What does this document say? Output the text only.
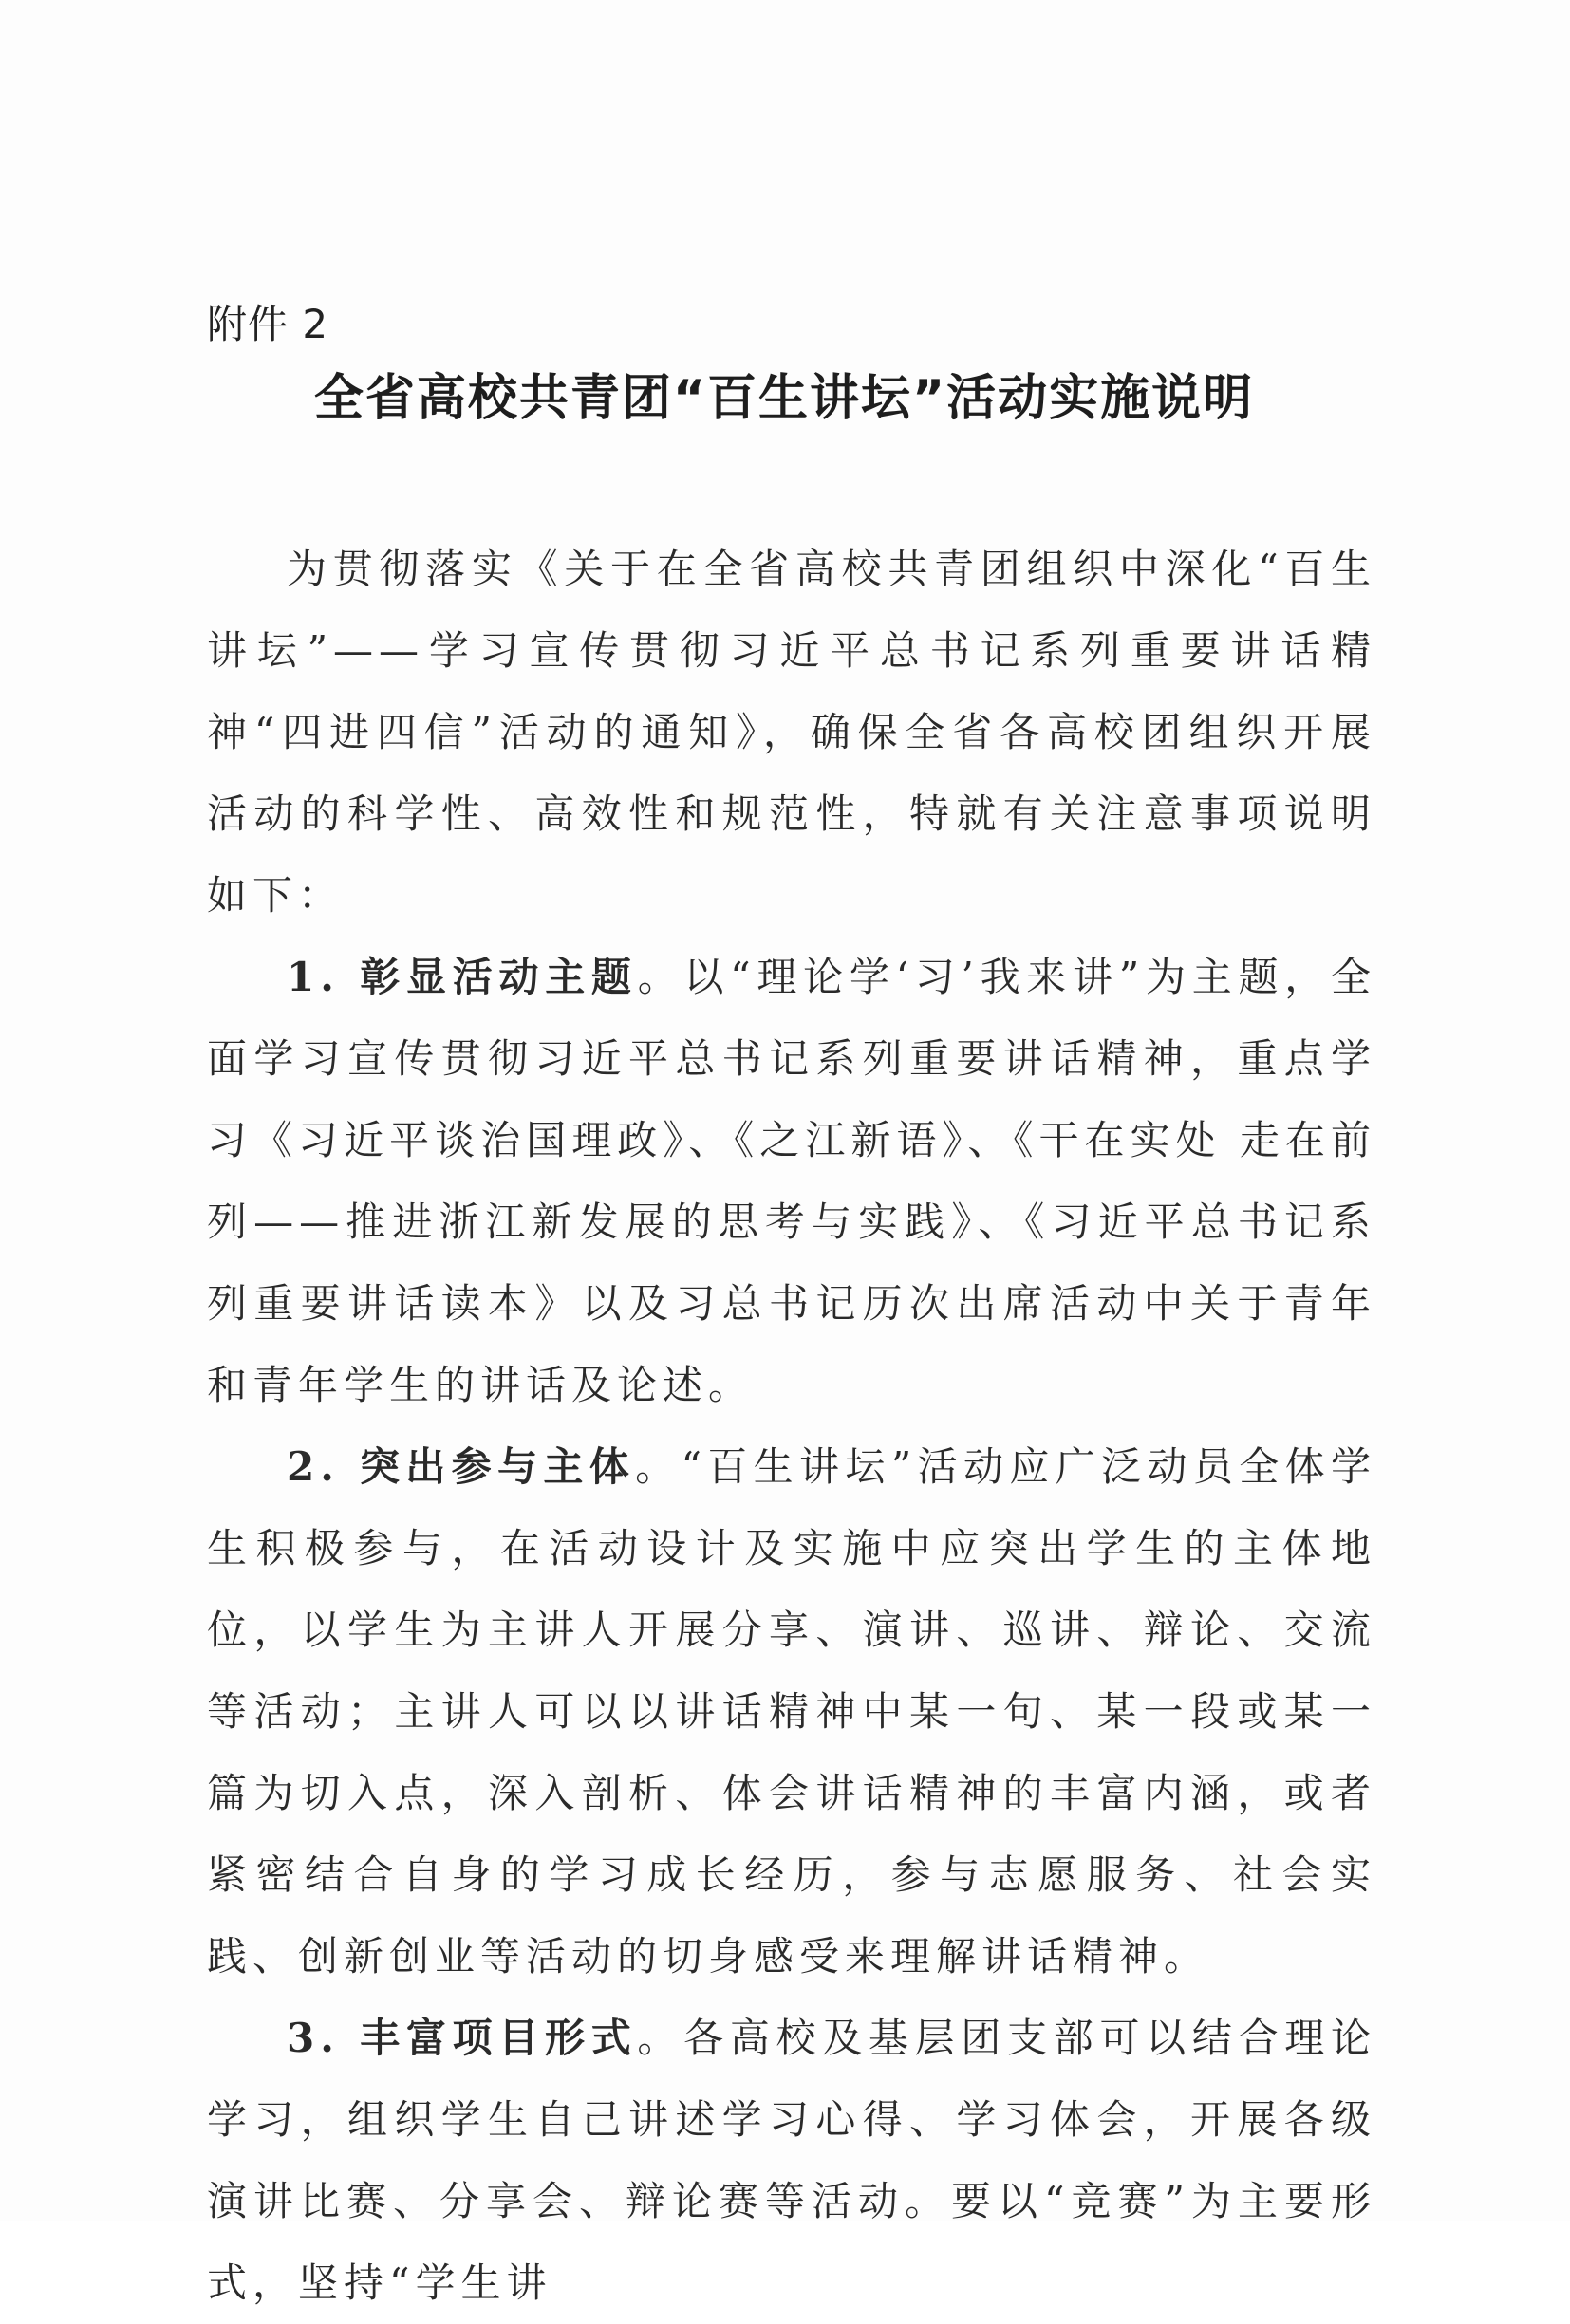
附件 2
全省高校共青团“百生讲坛”活动实施说明

为贯彻落实《关于在全省高校共青团组织中深化“百生讲坛”——学习宣传贯彻习近平总书记系列重要讲话精神“四进四信”活动的通知》，确保全省各高校团组织开展活动的科学性、高效性和规范性，特就有关注意事项说明如下：

1. 彰显活动主题。以“理论学‘习’我来讲”为主题，全面学习宣传贯彻习近平总书记系列重要讲话精神，重点学习《习近平谈治国理政》、《之江新语》、《干在实处 走在前列——推进浙江新发展的思考与实践》、《习近平总书记系列重要讲话读本》以及习总书记历次出席活动中关于青年和青年学生的讲话及论述。

2. 突出参与主体。“百生讲坛”活动应广泛动员全体学生积极参与，在活动设计及实施中应突出学生的主体地位，以学生为主讲人开展分享、演讲、巡讲、辩论、交流等活动；主讲人可以以讲话精神中某一句、某一段或某一篇为切入点，深入剖析、体会讲话精神的丰富内涵，或者紧密结合自身的学习成长经历，参与志愿服务、社会实践、创新创业等活动的切身感受来理解讲话精神。

3. 丰富项目形式。各高校及基层团支部可以结合理论学习，组织学生自己讲述学习心得、学习体会，开展各级演讲比赛、分享会、辩论赛等活动。要以“竞赛”为主要形式，坚持“学生讲
